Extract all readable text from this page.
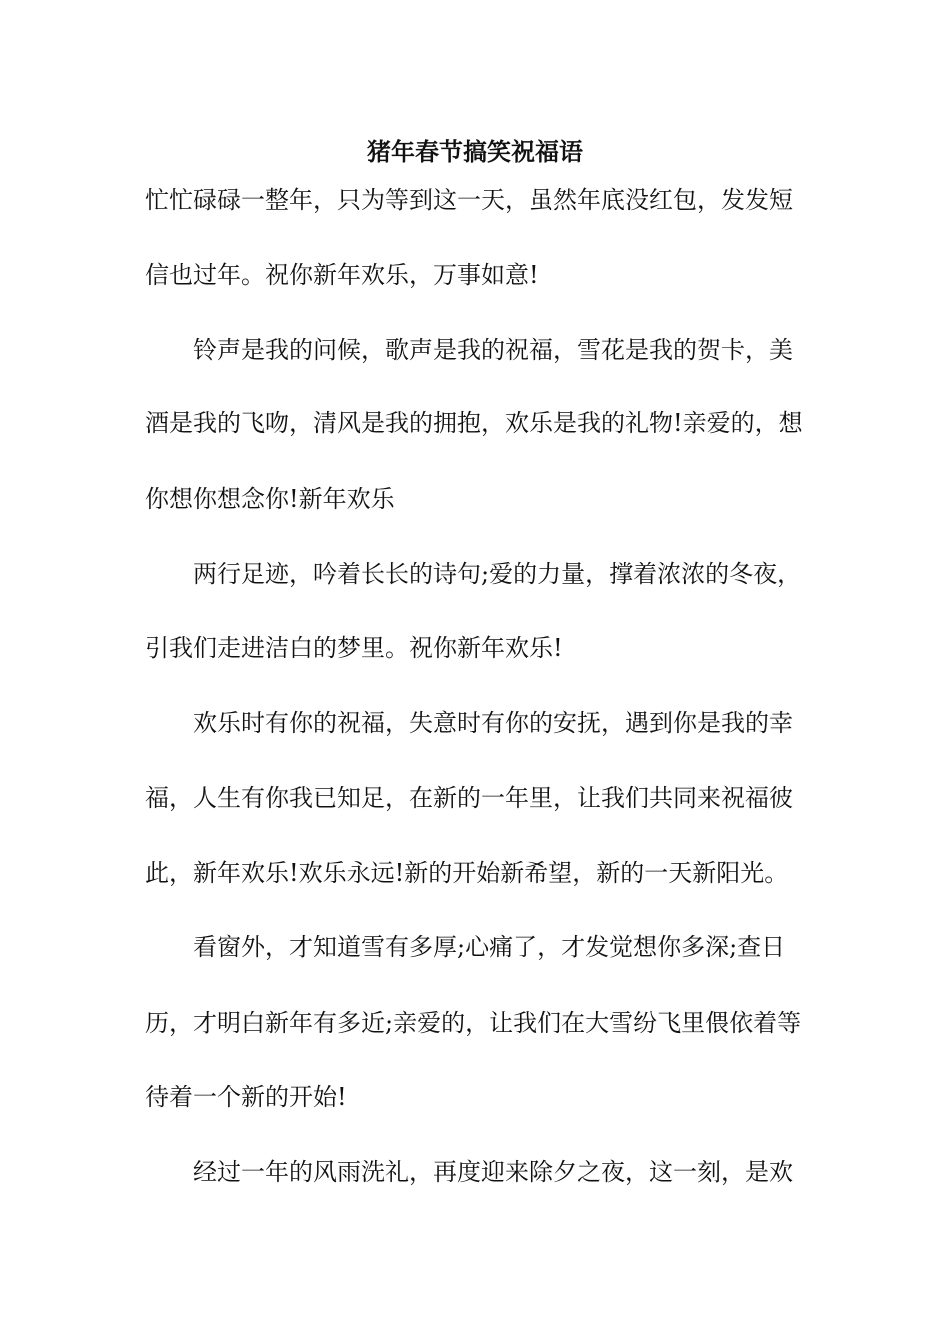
猪年春节搞笑祝福语
忙忙碌碌一整年，只为等到这一天，虽然年底没红包，发发短
信也过年。祝你新年欢乐，万事如意!
　　铃声是我的问候，歌声是我的祝福，雪花是我的贺卡，美
酒是我的飞吻，清风是我的拥抱，欢乐是我的礼物!亲爱的，想
你想你想念你!新年欢乐
　　两行足迹，吟着长长的诗句;爱的力量，撑着浓浓的冬夜，
引我们走进洁白的梦里。祝你新年欢乐!
　　欢乐时有你的祝福，失意时有你的安抚，遇到你是我的幸
福，人生有你我已知足，在新的一年里，让我们共同来祝福彼
此，新年欢乐!欢乐永远!新的开始新希望，新的一天新阳光。
　　看窗外，才知道雪有多厚;心痛了，才发觉想你多深;查日
历，才明白新年有多近;亲爱的，让我们在大雪纷飞里偎依着等
待着一个新的开始!
　　经过一年的风雨洗礼，再度迎来除夕之夜，这一刻，是欢
